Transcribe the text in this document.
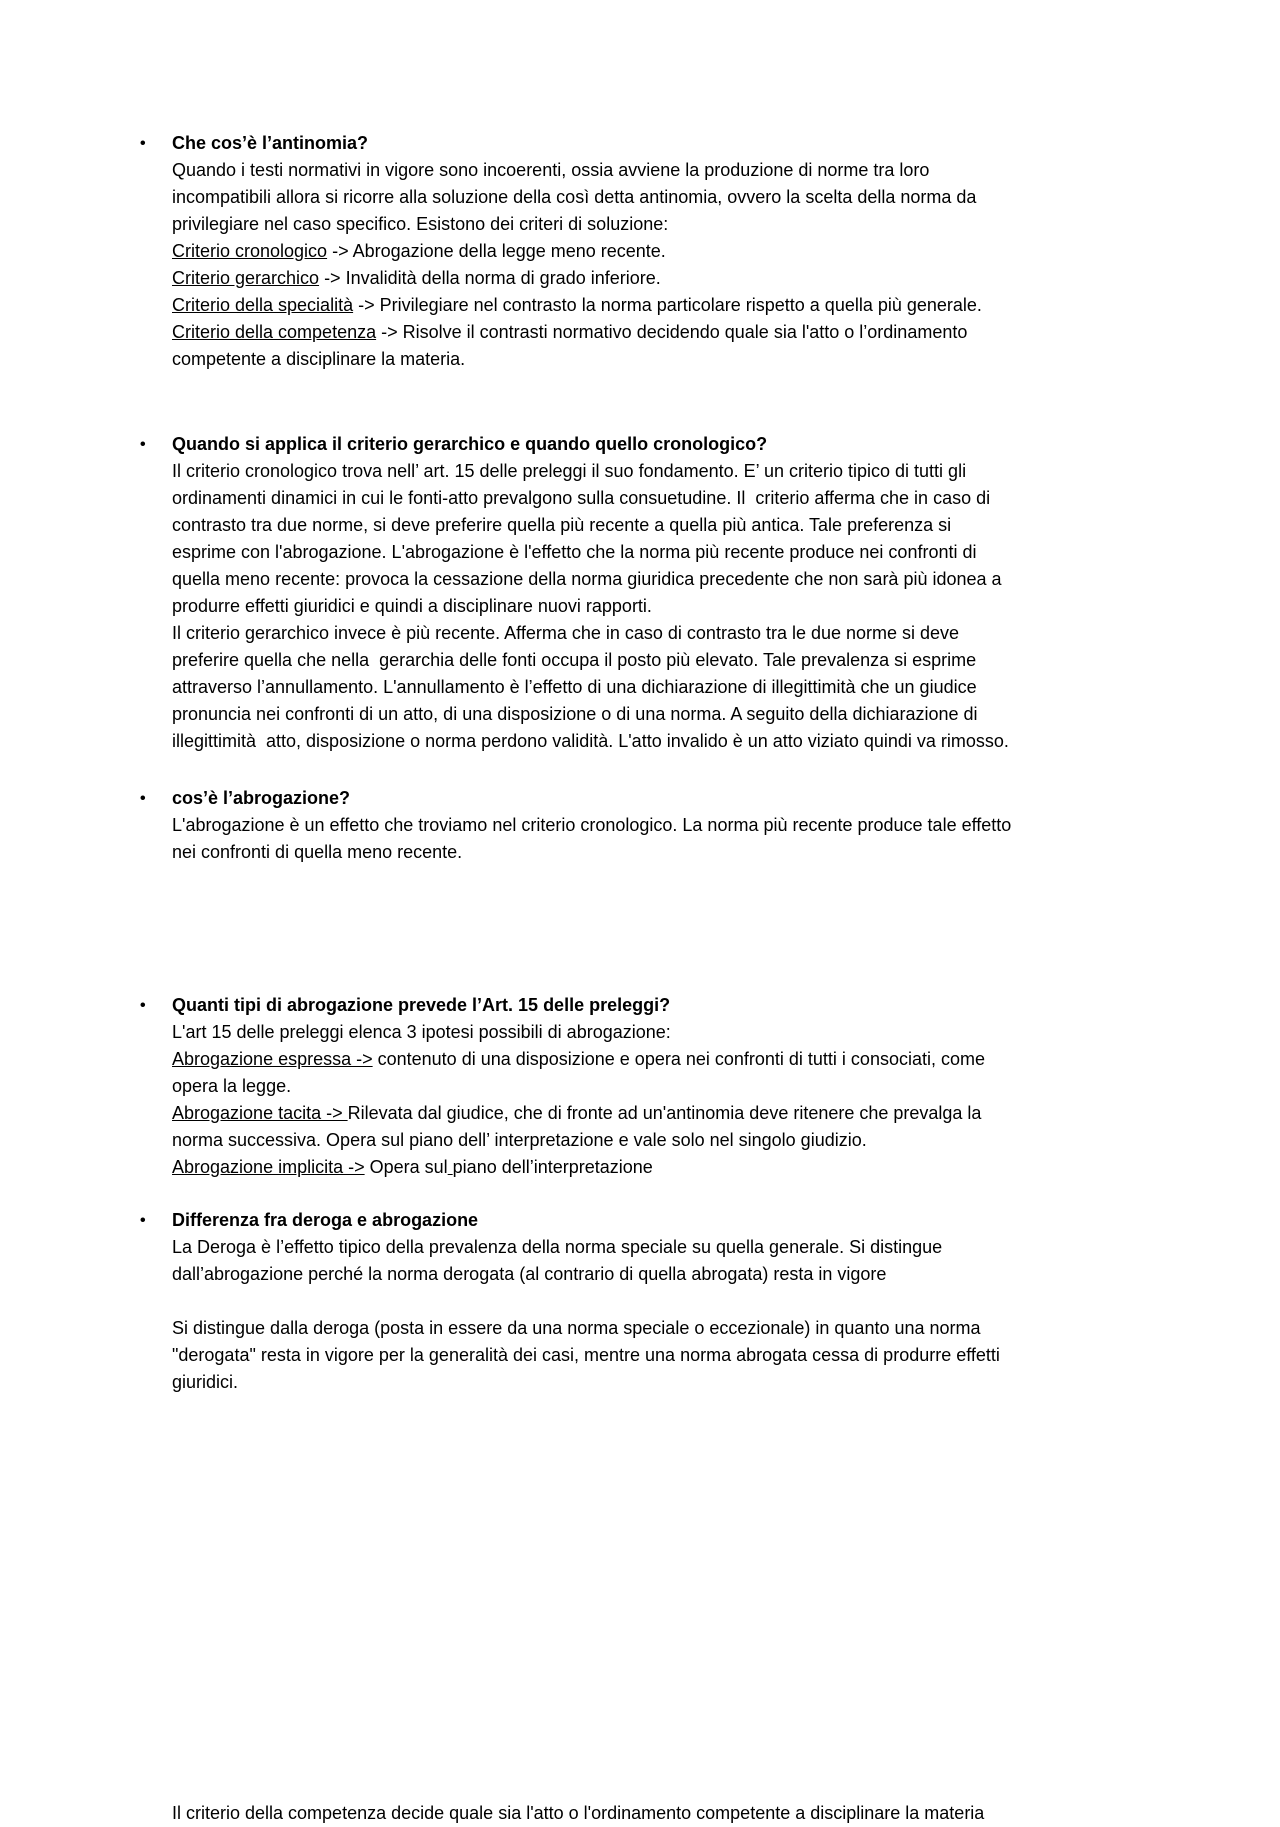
•	Che cos’è l’antinomia?

Quando i testi normativi in vigore sono incoerenti, ossia avviene la produzione di norme tra loro incompatibili allora si ricorre alla soluzione della così detta antinomia, ovvero la scelta della norma da privilegiare nel caso specifico. Esistono dei criteri di soluzione:

Criterio cronologico -> Abrogazione della legge meno recente.

Criterio gerarchico -> Invalidità della norma di grado inferiore.

Criterio della specialità -> Privilegiare nel contrasto la norma particolare rispetto a quella più generale.

Criterio della competenza -> Risolve il contrasti normativo decidendo quale sia l'atto o l’ordinamento competente a disciplinare la materia.

•	Quando si applica il criterio gerarchico e quando quello cronologico?

Il criterio cronologico trova nell’ art. 15 delle preleggi il suo fondamento. E’ un criterio tipico di tutti gli ordinamenti dinamici in cui le fonti-atto prevalgono sulla consuetudine. Il  criterio afferma che in caso di contrasto tra due norme, si deve preferire quella più recente a quella più antica. Tale preferenza si esprime con l'abrogazione. L'abrogazione è l'effetto che la norma più recente produce nei confronti di quella meno recente: provoca la cessazione della norma giuridica precedente che non sarà più idonea a produrre effetti giuridici e quindi a disciplinare nuovi rapporti.

Il criterio gerarchico invece è più recente. Afferma che in caso di contrasto tra le due norme si deve preferire quella che nella  gerarchia delle fonti occupa il posto più elevato. Tale prevalenza si esprime attraverso l’annullamento. L'annullamento è l’effetto di una dichiarazione di illegittimità che un giudice pronuncia nei confronti di un atto, di una disposizione o di una norma. A seguito della dichiarazione di illegittimità  atto, disposizione o norma perdono validità. L'atto invalido è un atto viziato quindi va rimosso.

•	cos’è l’abrogazione?

L'abrogazione è un effetto che troviamo nel criterio cronologico. La norma più recente produce tale effetto nei confronti di quella meno recente.

•	Quanti tipi di abrogazione prevede l’Art. 15 delle preleggi?

L'art 15 delle preleggi elenca 3 ipotesi possibili di abrogazione:

Abrogazione espressa -> contenuto di una disposizione e opera nei confronti di tutti i consociati, come opera la legge.

Abrogazione tacita -> Rilevata dal giudice, che di fronte ad un'antinomia deve ritenere che prevalga la norma successiva. Opera sul piano dell’ interpretazione e vale solo nel singolo giudizio.

Abrogazione implicita -> Opera sul piano dell’interpretazione

•	Differenza fra deroga e abrogazione

La Deroga è l’effetto tipico della prevalenza della norma speciale su quella generale. Si distingue dall’abrogazione perché la norma derogata (al contrario di quella abrogata) resta in vigore

Si distingue dalla deroga (posta in essere da una norma speciale o eccezionale) in quanto una norma "derogata" resta in vigore per la generalità dei casi, mentre una norma abrogata cessa di produrre effetti giuridici.

Il criterio della competenza decide quale sia l'atto o l'ordinamento competente a disciplinare la materia
